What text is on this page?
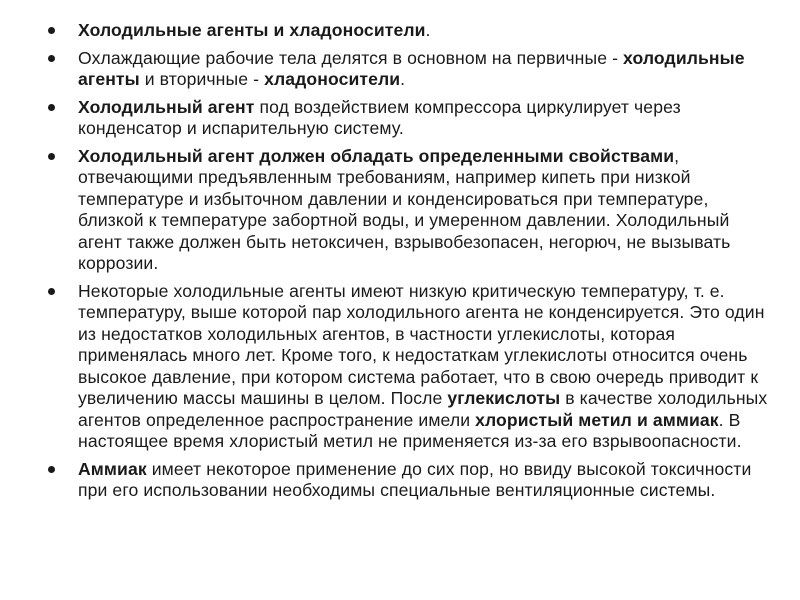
Холодильные агенты и хладоносители.
Охлаждающие рабочие тела делятся в основном на первичные - холодильные агенты и вторичные - хладоносители.
Холодильный агент под воздействием компрессора циркулирует через конденсатор и испарительную систему.
Холодильный агент должен обладать определенными свойствами, отвечающими предъявленным требованиям, например кипеть при низкой температуре и избыточном давлении и конденсироваться при температуре, близкой к температуре забортной воды, и умеренном давлении. Холодильный агент также должен быть нетоксичен, взрывобезопасен, негорюч, не вызывать коррозии.
Некоторые холодильные агенты имеют низкую критическую температуру, т. е. температуру, выше которой пар холодильного агента не конденсируется. Это один из недостатков холодильных агентов, в частности углекислоты, которая применялась много лет. Кроме того, к недостаткам углекислоты относится очень высокое давление, при котором система работает, что в свою очередь приводит к увеличению массы машины в целом. После углекислоты в качестве холодильных агентов определенное распространение имели хлористый метил и аммиак. В настоящее время хлористый метил не применяется из-за его взрывоопасности.
Аммиак имеет некоторое применение до сих пор, но ввиду высокой токсичности при его использовании необходимы специальные вентиляционные системы.
